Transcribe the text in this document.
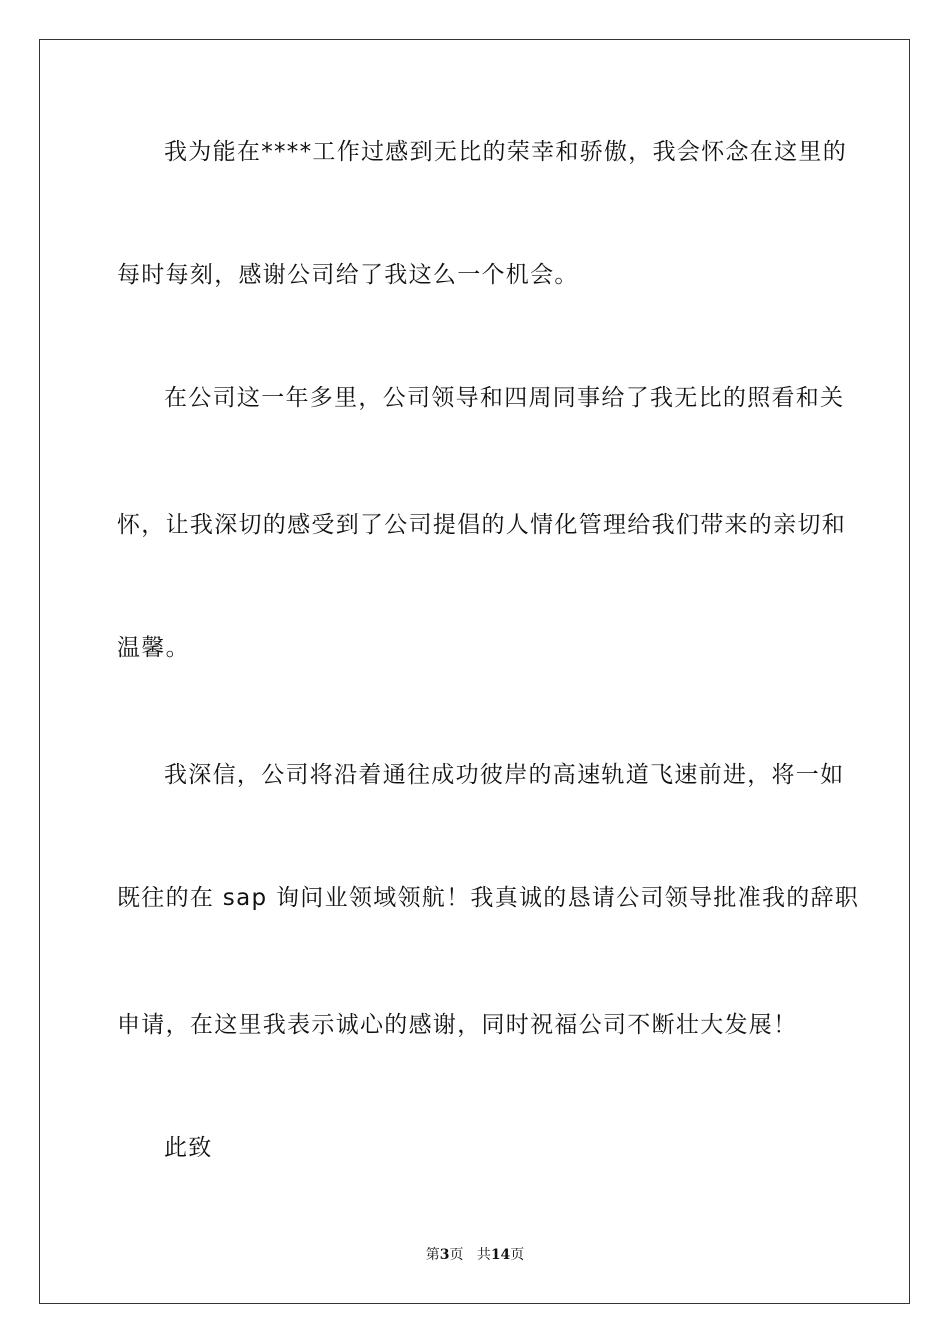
我为能在****工作过感到无比的荣幸和骄傲，我会怀念在这里的
每时每刻，感谢公司给了我这么一个机会。
在公司这一年多里，公司领导和四周同事给了我无比的照看和关
怀，让我深切的感受到了公司提倡的人情化管理给我们带来的亲切和
温馨。
我深信，公司将沿着通往成功彼岸的高速轨道飞速前进，将一如
既往的在 sap 询问业领域领航！我真诚的恳请公司领导批准我的辞职
申请，在这里我表示诚心的感谢，同时祝福公司不断壮大发展！
此致
第3页 共14页
